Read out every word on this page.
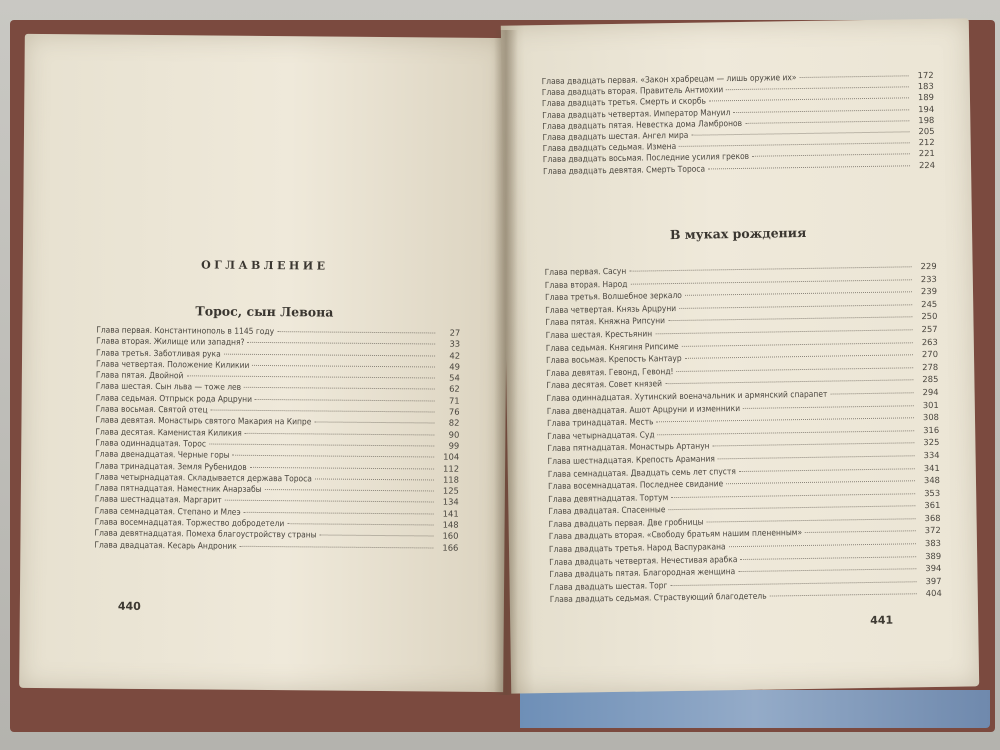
ОГЛАВЛЕНИЕ
Торос, сын Левона
Глава первая. Константинополь в 1145 году	27
Глава вторая. Жилище или западня?	33
Глава третья. Заботливая рука	42
Глава четвертая. Положение Киликии	49
Глава пятая. Двойной	54
Глава шестая. Сын льва — тоже лев	62
Глава седьмая. Отпрыск рода Арцруни	71
Глава восьмая. Святой отец	76
Глава девятая. Монастырь святого Макария на Кипре	82
Глава десятая. Каменистая Киликия	90
Глава одиннадцатая. Торос	99
Глава двенадцатая. Черные горы	104
Глава тринадцатая. Земля Рубенидов	112
Глава четырнадцатая. Складывается держава Тороса	118
Глава пятнадцатая. Наместник Анарзабы	125
Глава шестнадцатая. Маргарит	134
Глава семнадцатая. Степано и Млеэ	141
Глава восемнадцатая. Торжество добродетели	148
Глава девятнадцатая. Помеха благоустройству страны	160
Глава двадцатая. Кесарь Андроник	166
440
Глава двадцать первая. «Закон храбрецам — лишь оружие их»	172
Глава двадцать вторая. Правитель Антиохии	183
Глава двадцать третья. Смерть и скорбь	189
Глава двадцать четвертая. Император Мануил	194
Глава двадцать пятая. Невестка дома Ламбронов	198
Глава двадцать шестая. Ангел мира	205
Глава двадцать седьмая. Измена	212
Глава двадцать восьмая. Последние усилия греков	221
Глава двадцать девятая. Смерть Тороса	224
В муках рождения
Глава первая. Сасун	229
Глава вторая. Народ	233
Глава третья. Волшебное зеркало	239
Глава четвертая. Князь Арцруни	245
Глава пятая. Княжна Рипсуни	250
Глава шестая. Крестьянин	257
Глава седьмая. Княгиня Рипсиме	263
Глава восьмая. Крепость Кантаур	270
Глава девятая. Гевонд, Гевонд!	278
Глава десятая. Совет князей	285
Глава одиннадцатая. Хутинский военачальник и армянский спарапет	294
Глава двенадцатая. Ашот Арцруни и изменники	301
Глава тринадцатая. Месть	308
Глава четырнадцатая. Суд	316
Глава пятнадцатая. Монастырь Артанун	325
Глава шестнадцатая. Крепость Арамания	334
Глава семнадцатая. Двадцать семь лет спустя	341
Глава восемнадцатая. Последнее свидание	348
Глава девятнадцатая. Тортум	353
Глава двадцатая. Спасенные	361
Глава двадцать первая. Две гробницы	368
Глава двадцать вторая. «Свободу братьям нашим плененным»	372
Глава двадцать третья. Народ Васпуракана	383
Глава двадцать четвертая. Нечестивая арабка	389
Глава двадцать пятая. Благородная женщина	394
Глава двадцать шестая. Торг	397
Глава двадцать седьмая. Страствующий благодетель	404
441
